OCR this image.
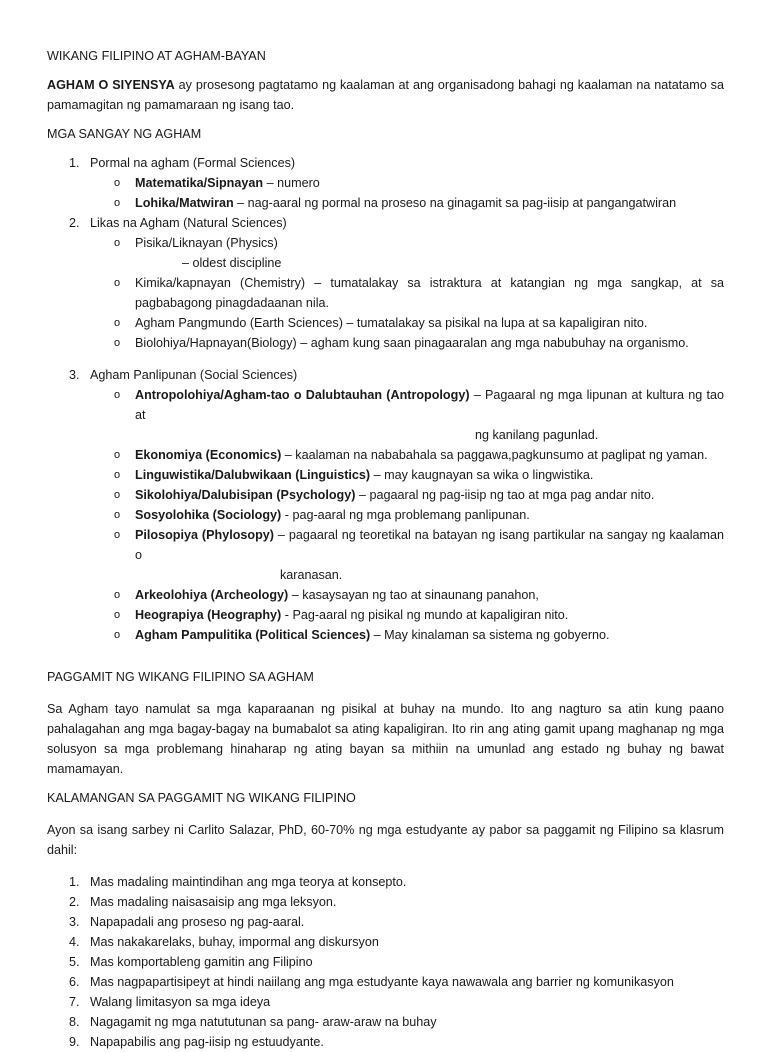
WIKANG FILIPINO AT AGHAM-BAYAN

AGHAM O SIYENSYA ay prosesong pagtatamo ng kaalaman at ang organisadong bahagi ng kaalaman na natatamo sa pamamagitan ng pamamaraan ng isang tao.

MGA SANGAY NG AGHAM
1. Pormal na agham (Formal Sciences)
o Matematika/Sipnayan – numero
o Lohika/Matwiran – nag-aaral ng pormal na proseso na ginagamit sa pag-iisip at pangangatwiran
2. Likas na Agham (Natural Sciences)
o Pisika/Liknayan (Physics)
– oldest discipline
o Kimika/kapnayan (Chemistry) – tumatalakay sa istraktura at katangian ng mga sangkap, at sa pagbabagong pinagdadaanan nila.
o Agham Pangmundo (Earth Sciences) – tumatalakay sa pisikal na lupa at sa kapaligiran nito.
o Biolohiya/Hapnayan(Biology) – agham kung saan pinagaaralan ang mga nabubuhay na organismo.
3. Agham Panlipunan (Social Sciences)
o Antropolohiya/Agham-tao o Dalubtauhan (Antropology) – Pagaaral ng mga lipunan at kultura ng tao at
ng kanilang pagunlad.
o Ekonomiya (Economics) – kaalaman na nababahala sa paggawa,pagkunsumo at paglipat ng yaman.
o Linguwistika/Dalubwikaan (Linguistics) – may kaugnayan sa wika o lingwistika.
o Sikolohiya/Dalubisipan (Psychology) – pagaaral ng pag-iisip ng tao at mga pag andar nito.
o Sosyolohika (Sociology) - pag-aaral ng mga problemang panlipunan.
o Pilosopiya (Phylosopy) – pagaaral ng teoretikal na batayan ng isang partikular na sangay ng kaalaman o
karanasan.
o Arkeolohiya (Archeology) – kasaysayan ng tao at sinaunang panahon,
o Heograpiya (Heography) - Pag-aaral ng pisikal ng mundo at kapaligiran nito.
o Agham Pampulitika (Political Sciences) – May kinalaman sa sistema ng gobyerno.
PAGGAMIT NG WIKANG FILIPINO SA AGHAM

Sa Agham tayo namulat sa mga kaparaanan ng pisikal at buhay na mundo. Ito ang nagturo sa atin kung paano pahalagahan ang mga bagay-bagay na bumabalot sa ating kapaligiran. Ito rin ang ating gamit upang maghanap ng mga solusyon sa mga problemang hinaharap ng ating bayan sa mithiin na umunlad ang estado ng buhay ng bawat mamamayan.

KALAMANGAN SA PAGGAMIT NG WIKANG FILIPINO

Ayon sa isang sarbey ni Carlito Salazar, PhD, 60-70% ng mga estudyante ay pabor sa paggamit ng Filipino sa klasrum dahil:

1. Mas madaling maintindihan ang mga teorya at konsepto.
2. Mas madaling naisasaisip ang mga leksyon.
3. Napapadali ang proseso ng pag-aaral.
4. Mas nakakarelaks, buhay, impormal ang diskursyon
5. Mas komportableng gamitin ang Filipino
6. Mas nagpapartisipeyt at hindi naiilang ang mga estudyante kaya nawawala ang barrier ng komunikasyon
7. Walang limitasyon sa mga ideya
8. Nagagamit ng mga natututunan sa pang- araw-araw na buhay
9. Napapabilis ang pag-iisip ng estuudyante.
